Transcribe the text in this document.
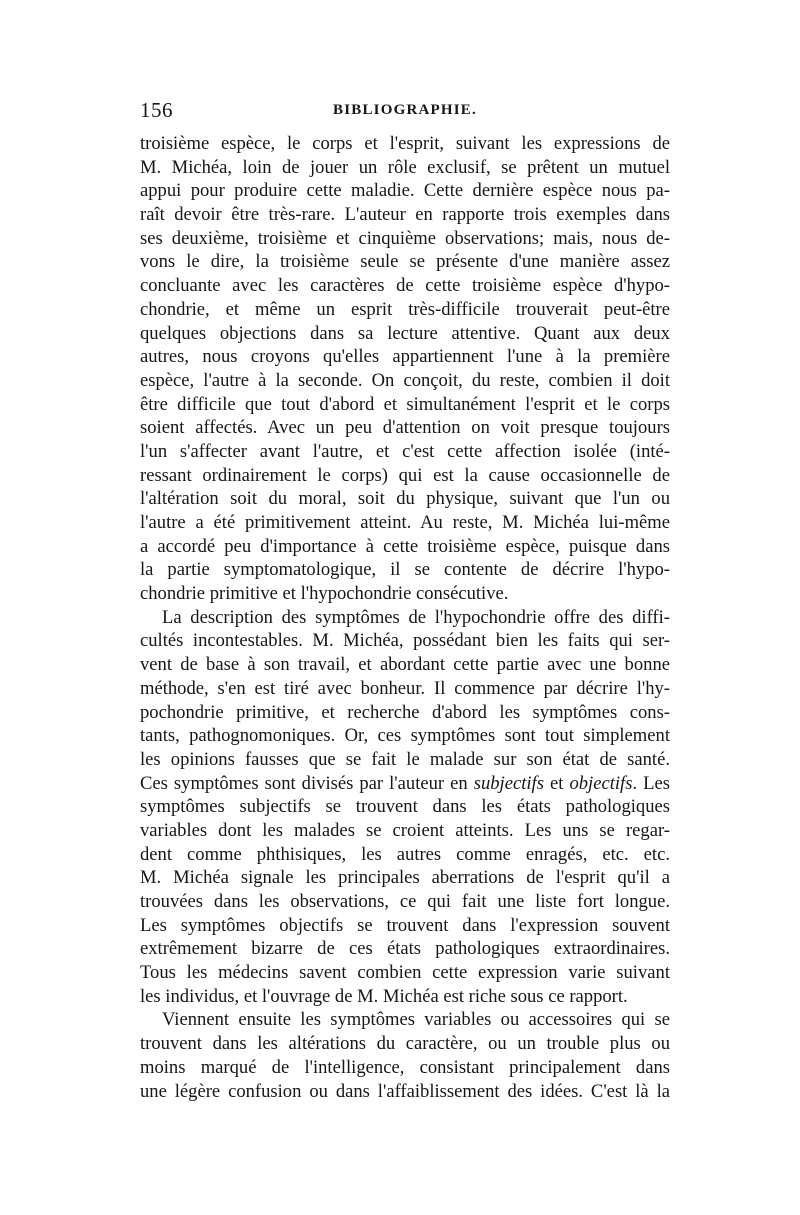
156	BIBLIOGRAPHIE.
troisième espèce, le corps et l'esprit, suivant les expressions de
M. Michéa, loin de jouer un rôle exclusif, se prêtent un mutuel
appui pour produire cette maladie. Cette dernière espèce nous pa-
raît devoir être très-rare. L'auteur en rapporte trois exemples dans
ses deuxième, troisième et cinquième observations; mais, nous de-
vons le dire, la troisième seule se présente d'une manière assez
concluante avec les caractères de cette troisième espèce d'hypo-
chondrie, et même un esprit très-difficile trouverait peut-être
quelques objections dans sa lecture attentive. Quant aux deux
autres, nous croyons qu'elles appartiennent l'une à la première
espèce, l'autre à la seconde. On conçoit, du reste, combien il doit
être difficile que tout d'abord et simultanément l'esprit et le corps
soient affectés. Avec un peu d'attention on voit presque toujours
l'un s'affecter avant l'autre, et c'est cette affection isolée (inté-
ressant ordinairement le corps) qui est la cause occasionnelle de
l'altération soit du moral, soit du physique, suivant que l'un ou
l'autre a été primitivement atteint. Au reste, M. Michéa lui-même
a accordé peu d'importance à cette troisième espèce, puisque dans
la partie symptomatologique, il se contente de décrire l'hypo-
chondrie primitive et l'hypochondrie consécutive.
La description des symptômes de l'hypochondrie offre des diffi-
cultés incontestables. M. Michéa, possédant bien les faits qui ser-
vent de base à son travail, et abordant cette partie avec une bonne
méthode, s'en est tiré avec bonheur. Il commence par décrire l'hy-
pochondrie primitive, et recherche d'abord les symptômes cons-
tants, pathognomoniques. Or, ces symptômes sont tout simplement
les opinions fausses que se fait le malade sur son état de santé.
Ces symptômes sont divisés par l'auteur en subjectifs et objectifs. Les
symptômes subjectifs se trouvent dans les états pathologiques
variables dont les malades se croient atteints. Les uns se regar-
dent comme phthisiques, les autres comme enragés, etc. etc.
M. Michéa signale les principales aberrations de l'esprit qu'il a
trouvées dans les observations, ce qui fait une liste fort longue.
Les symptômes objectifs se trouvent dans l'expression souvent
extrêmement bizarre de ces états pathologiques extraordinaires.
Tous les médecins savent combien cette expression varie suivant
les individus, et l'ouvrage de M. Michéa est riche sous ce rapport.
Viennent ensuite les symptômes variables ou accessoires qui se
trouvent dans les altérations du caractère, ou un trouble plus ou
moins marqué de l'intelligence, consistant principalement dans
une légère confusion ou dans l'affaiblissement des idées. C'est là la
